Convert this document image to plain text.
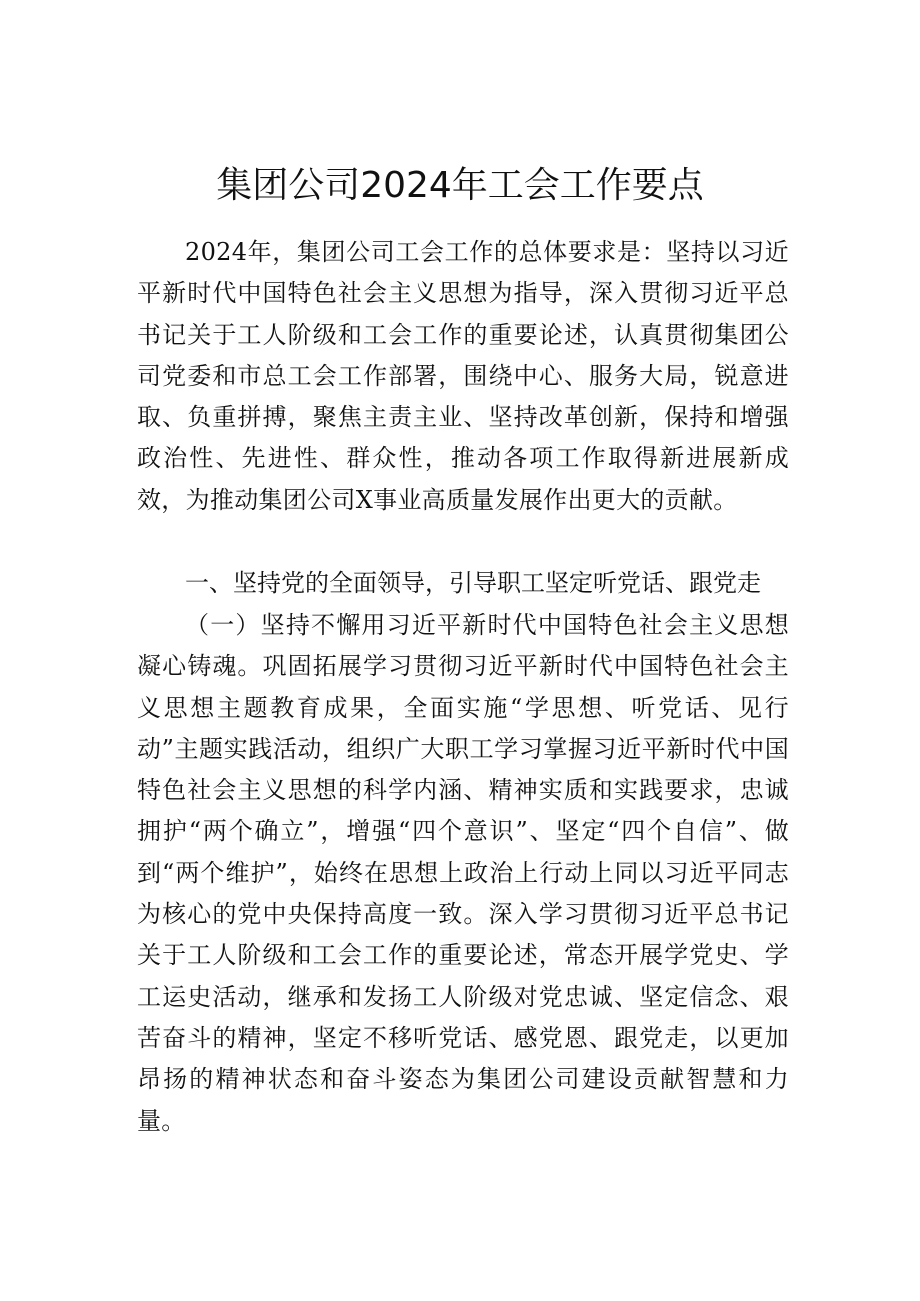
集团公司2024年工会工作要点

2024年，集团公司工会工作的总体要求是：坚持以习近平新时代中国特色社会主义思想为指导，深入贯彻习近平总书记关于工人阶级和工会工作的重要论述，认真贯彻集团公司党委和市总工会工作部署，围绕中心、服务大局，锐意进取、负重拼搏，聚焦主责主业、坚持改革创新，保持和增强政治性、先进性、群众性，推动各项工作取得新进展新成效，为推动集团公司X事业高质量发展作出更大的贡献。

一、坚持党的全面领导，引导职工坚定听党话、跟党走

（一）坚持不懈用习近平新时代中国特色社会主义思想凝心铸魂。巩固拓展学习贯彻习近平新时代中国特色社会主义思想主题教育成果，全面实施“学思想、听党话、见行动”主题实践活动，组织广大职工学习掌握习近平新时代中国特色社会主义思想的科学内涵、精神实质和实践要求，忠诚拥护“两个确立”，增强“四个意识”、坚定“四个自信”、做到“两个维护”，始终在思想上政治上行动上同以习近平同志为核心的党中央保持高度一致。深入学习贯彻习近平总书记关于工人阶级和工会工作的重要论述，常态开展学党史、学工运史活动，继承和发扬工人阶级对党忠诚、坚定信念、艰苦奋斗的精神，坚定不移听党话、感党恩、跟党走，以更加昂扬的精神状态和奋斗姿态为集团公司建设贡献智慧和力量。
